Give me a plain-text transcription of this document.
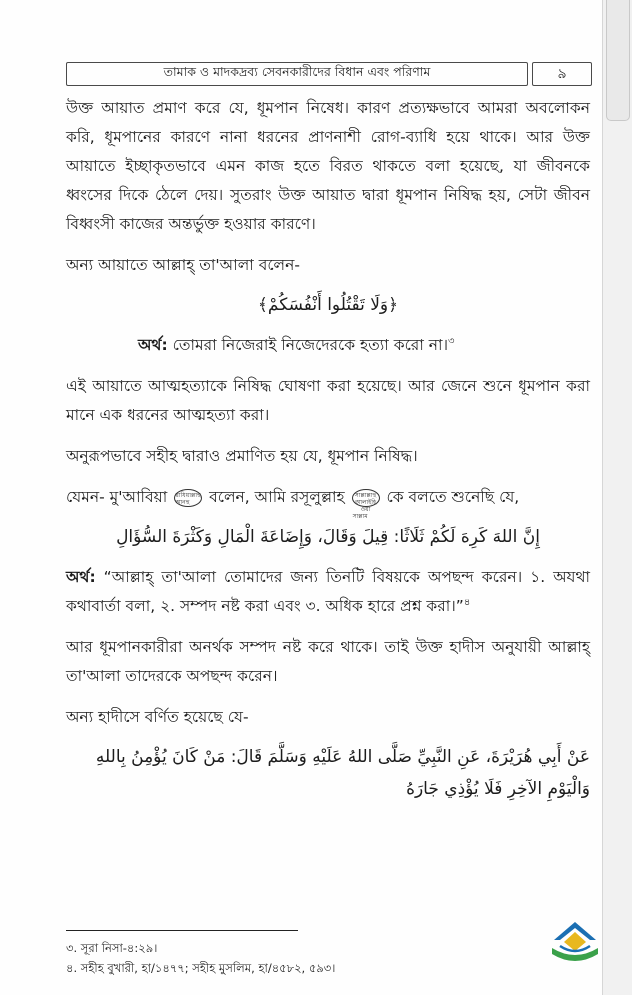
তামাক ও মাদকদ্রব্য সেবনকারীদের বিধান এবং পরিণাম	৯

উক্ত আয়াত প্রমাণ করে যে, ধূমপান নিষেধ। কারণ প্রত্যক্ষভাবে আমরা অবলোকন করি, ধূমপানের কারণে নানা ধরনের প্রাণনাশী রোগ-ব্যাধি হয়ে থাকে। আর উক্ত আয়াতে ইচ্ছাকৃতভাবে এমন কাজ হতে বিরত থাকতে বলা হয়েছে, যা জীবনকে ধ্বংসের দিকে ঠেলে দেয়। সুতরাং উক্ত আয়াত দ্বারা ধূমপান নিষিদ্ধ হয়, সেটা জীবন বিধ্বংসী কাজের অন্তর্ভুক্ত হওয়ার কারণে।

অন্য আয়াতে আল্লাহ্ তা'আলা বলেন-

﴿وَلَا تَقْتُلُوا أَنْفُسَكُمْ﴾

অর্থ: তোমরা নিজেরাই নিজেদেরকে হত্যা করো না।$^৩$

এই আয়াতে আত্মহত্যাকে নিষিদ্ধ ঘোষণা করা হয়েছে। আর জেনে শুনে ধূমপান করা মানে এক ধরনের আত্মহত্যা করা।

অনুরূপভাবে সহীহ দ্বারাও প্রমাণিত হয় যে, ধূমপান নিষিদ্ধ।

যেমন- মু'আবিয়া রাযিয়াল্লাহু আনহু বলেন, আমি রসূলুল্লাহ সাল্লাল্লাহু আলাইহি ওয়া সাল্লাম কে বলতে শুনেছি যে,

إِنَّ اللهَ كَرِهَ لَكُمْ ثَلَاثًا: قِيلَ وَقَالَ، وَإِضَاعَةَ الْمَالِ وَكَثْرَةَ السُّؤَالِ

অর্থ: “আল্লাহ্ তা'আলা তোমাদের জন্য তিনটি বিষয়কে অপছন্দ করেন। ১. অযথা কথাবার্তা বলা, ২. সম্পদ নষ্ট করা এবং ৩. অধিক হারে প্রশ্ন করা।”$^৪$

আর ধূমপানকারীরা অনর্থক সম্পদ নষ্ট করে থাকে। তাই উক্ত হাদীস অনুযায়ী আল্লাহ্ তা'আলা তাদেরকে অপছন্দ করেন।

অন্য হাদীসে বর্ণিত হয়েছে যে-

عَنْ أَبِي هُرَيْرَةَ، عَنِ النَّبِيِّ صَلَّى اللهُ عَلَيْهِ وَسَلَّمَ قَالَ: مَنْ كَانَ يُؤْمِنُ بِاللهِ وَالْيَوْمِ الآخِرِ فَلَا يُؤْذِي جَارَهُ

৩. সূরা নিসা-৪:২৯।
৪. সহীহ বুখারী, হা/১৪৭৭; সহীহ মুসলিম, হা/৪৫৮২, ৫৯৩।
